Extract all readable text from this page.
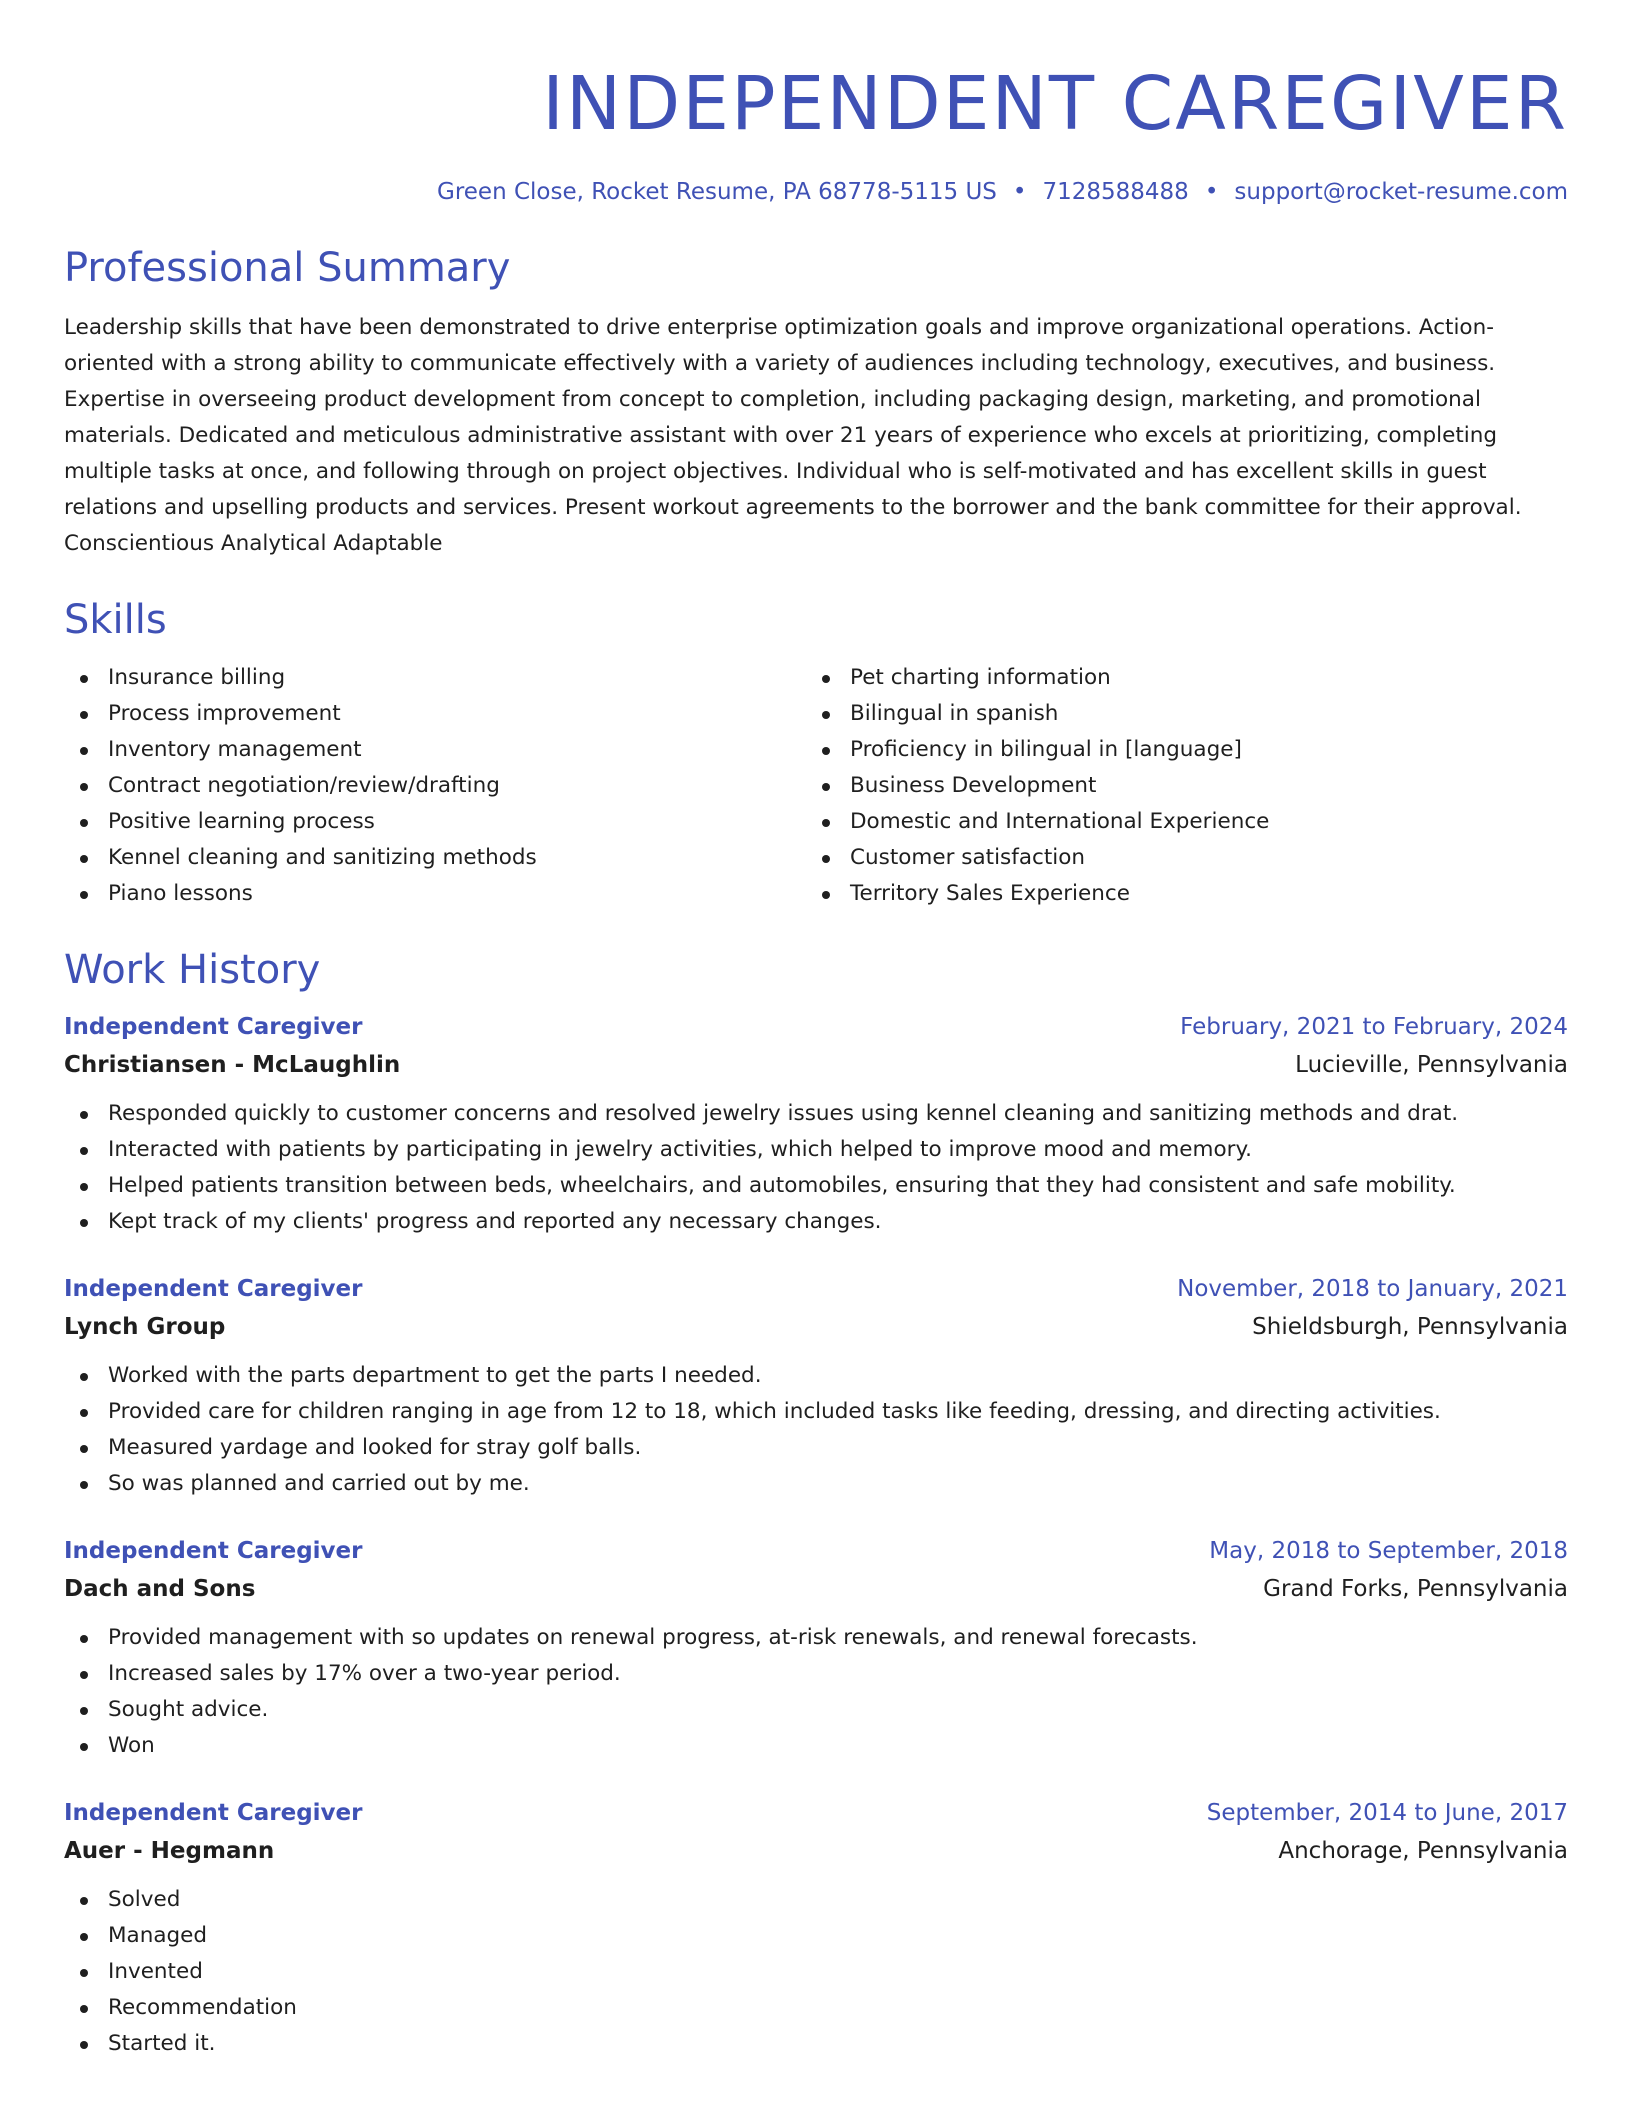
INDEPENDENT CAREGIVER
Green Close, Rocket Resume, PA 68778-5115 US • 7128588488 • support@rocket-resume.com
Professional Summary
Leadership skills that have been demonstrated to drive enterprise optimization goals and improve organizational operations. Action-oriented with a strong ability to communicate effectively with a variety of audiences including technology, executives, and business. Expertise in overseeing product development from concept to completion, including packaging design, marketing, and promotional materials. Dedicated and meticulous administrative assistant with over 21 years of experience who excels at prioritizing, completing multiple tasks at once, and following through on project objectives. Individual who is self-motivated and has excellent skills in guest relations and upselling products and services. Present workout agreements to the borrower and the bank committee for their approval. Conscientious Analytical Adaptable
Skills
Insurance billing
Process improvement
Inventory management
Contract negotiation/review/drafting
Positive learning process
Kennel cleaning and sanitizing methods
Piano lessons
Pet charting information
Bilingual in spanish
Proficiency in bilingual in [language]
Business Development
Domestic and International Experience
Customer satisfaction
Territory Sales Experience
Work History
Independent Caregiver	February, 2021 to February, 2024
Christiansen - McLaughlin	Lucieville, Pennsylvania
Responded quickly to customer concerns and resolved jewelry issues using kennel cleaning and sanitizing methods and drat.
Interacted with patients by participating in jewelry activities, which helped to improve mood and memory.
Helped patients transition between beds, wheelchairs, and automobiles, ensuring that they had consistent and safe mobility.
Kept track of my clients' progress and reported any necessary changes.
Independent Caregiver	November, 2018 to January, 2021
Lynch Group	Shieldsburgh, Pennsylvania
Worked with the parts department to get the parts I needed.
Provided care for children ranging in age from 12 to 18, which included tasks like feeding, dressing, and directing activities.
Measured yardage and looked for stray golf balls.
So was planned and carried out by me.
Independent Caregiver	May, 2018 to September, 2018
Dach and Sons	Grand Forks, Pennsylvania
Provided management with so updates on renewal progress, at-risk renewals, and renewal forecasts.
Increased sales by 17% over a two-year period.
Sought advice.
Won
Independent Caregiver	September, 2014 to June, 2017
Auer - Hegmann	Anchorage, Pennsylvania
Solved
Managed
Invented
Recommendation
Started it.
